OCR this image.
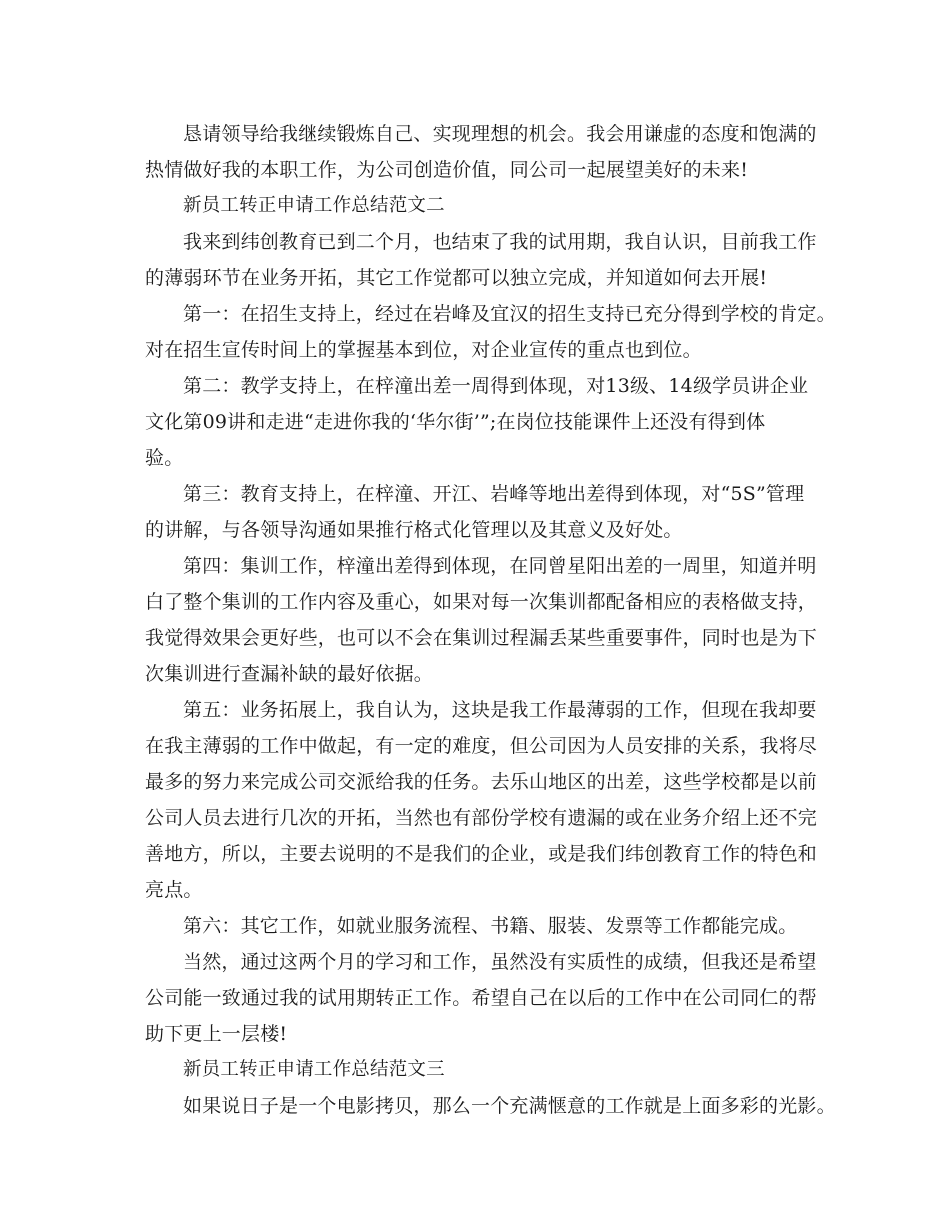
恳请领导给我继续锻炼自己、实现理想的机会。我会用谦虚的态度和饱满的
热情做好我的本职工作，为公司创造价值，同公司一起展望美好的未来!
新员工转正申请工作总结范文二
我来到纬创教育已到二个月，也结束了我的试用期，我自认识，目前我工作
的薄弱环节在业务开拓，其它工作觉都可以独立完成，并知道如何去开展!
第一：在招生支持上，经过在岩峰及宜汉的招生支持已充分得到学校的肯定。
对在招生宣传时间上的掌握基本到位，对企业宣传的重点也到位。
第二：教学支持上，在梓潼出差一周得到体现，对13级、14级学员讲企业
文化第09讲和走进“走进你我的‘华尔街’”;在岗位技能课件上还没有得到体
验。
第三：教育支持上，在梓潼、开江、岩峰等地出差得到体现，对“5S”管理
的讲解，与各领导沟通如果推行格式化管理以及其意义及好处。
第四：集训工作，梓潼出差得到体现，在同曾星阳出差的一周里，知道并明
白了整个集训的工作内容及重心，如果对每一次集训都配备相应的表格做支持，
我觉得效果会更好些，也可以不会在集训过程漏丢某些重要事件，同时也是为下
次集训进行查漏补缺的最好依据。
第五：业务拓展上，我自认为，这块是我工作最薄弱的工作，但现在我却要
在我主薄弱的工作中做起，有一定的难度，但公司因为人员安排的关系，我将尽
最多的努力来完成公司交派给我的任务。去乐山地区的出差，这些学校都是以前
公司人员去进行几次的开拓，当然也有部份学校有遗漏的或在业务介绍上还不完
善地方，所以，主要去说明的不是我们的企业，或是我们纬创教育工作的特色和
亮点。
第六：其它工作，如就业服务流程、书籍、服装、发票等工作都能完成。
当然，通过这两个月的学习和工作，虽然没有实质性的成绩，但我还是希望
公司能一致通过我的试用期转正工作。希望自己在以后的工作中在公司同仁的帮
助下更上一层楼!
新员工转正申请工作总结范文三
如果说日子是一个电影拷贝，那么一个充满惬意的工作就是上面多彩的光影。
